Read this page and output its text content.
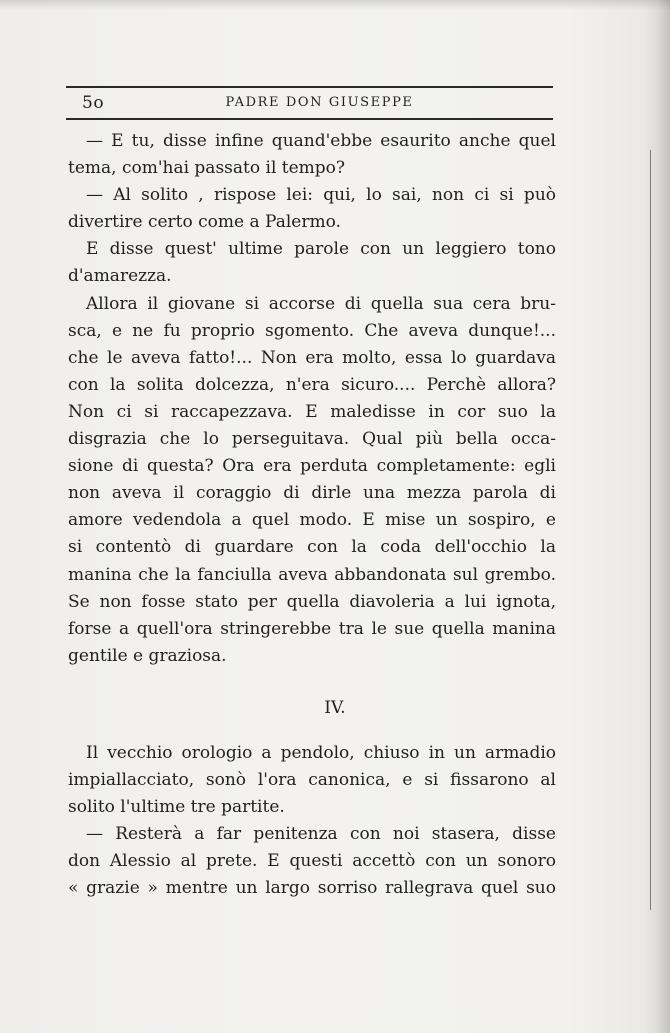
5o	PADRE DON GIUSEPPE
— E tu, disse infine quand'ebbe esaurito anche quel
tema, com'hai passato il tempo?
— Al solito , rispose lei: qui, lo sai, non ci si può
divertire certo come a Palermo.
E disse quest' ultime parole con un leggiero tono
d'amarezza.
Allora il giovane si accorse di quella sua cera bru-
sca, e ne fu proprio sgomento. Che aveva dunque!...
che le aveva fatto!... Non era molto, essa lo guardava
con la solita dolcezza, n'era sicuro.... Perchè allora?
Non ci si raccapezzava. E maledisse in cor suo la
disgrazia che lo perseguitava. Qual più bella occa-
sione di questa? Ora era perduta completamente: egli
non aveva il coraggio di dirle una mezza parola di
amore vedendola a quel modo. E mise un sospiro, e
si contentò di guardare con la coda dell'occhio la
manina che la fanciulla aveva abbandonata sul grembo.
Se non fosse stato per quella diavoleria a lui ignota,
forse a quell'ora stringerebbe tra le sue quella manina
gentile e graziosa.
IV.
Il vecchio orologio a pendolo, chiuso in un armadio
impiallacciato, sonò l'ora canonica, e si fissarono al
solito l'ultime tre partite.
— Resterà a far penitenza con noi stasera, disse
don Alessio al prete. E questi accettò con un sonoro
« grazie » mentre un largo sorriso rallegrava quel suo
